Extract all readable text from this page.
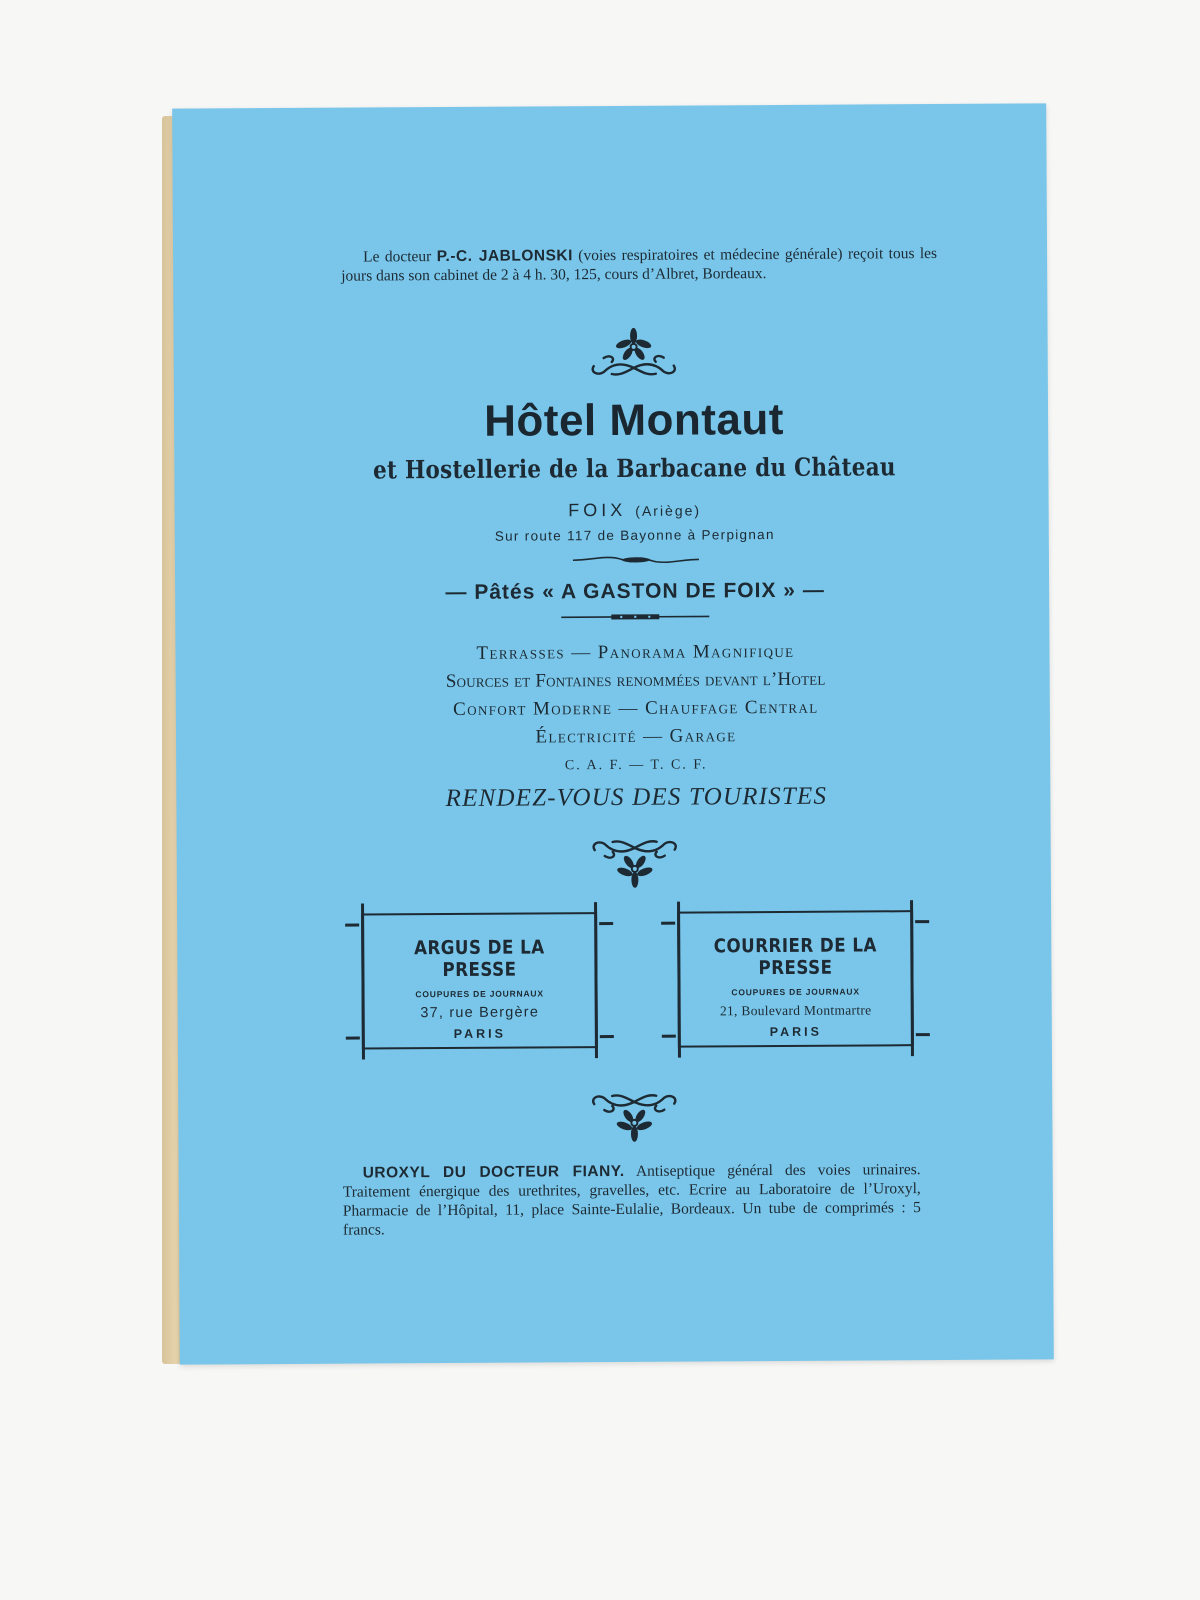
Le docteur P.-C. JABLONSKI (voies respiratoires et médecine générale) reçoit tous les jours dans son cabinet de 2 à 4 h. 30, 125, cours d’Albret, Bordeaux.
Hôtel Montaut
et Hostellerie de la Barbacane du Château
FOIX (Ariège)
Sur route 117 de Bayonne à Perpignan
— Pâtés « A GASTON DE FOIX » —
Terrasses — Panorama Magnifique
Sources et Fontaines renommées devant l’Hotel
Confort Moderne — Chauffage Central
Électricité — Garage
C. A. F. — T. C. F.
RENDEZ-VOUS DES TOURISTES
ARGUS DE LA PRESSE
COUPURES DE JOURNAUX
37, rue Bergère
PARIS
COURRIER DE LA PRESSE
COUPURES DE JOURNAUX
21, Boulevard Montmartre
PARIS
UROXYL DU DOCTEUR FIANY. Antiseptique général des voies urinaires. Traitement énergique des urethrites, gravelles, etc. Ecrire au Laboratoire de l’Uroxyl, Pharmacie de l’Hôpital, 11, place Sainte-Eulalie, Bordeaux. Un tube de comprimés : 5 francs.
